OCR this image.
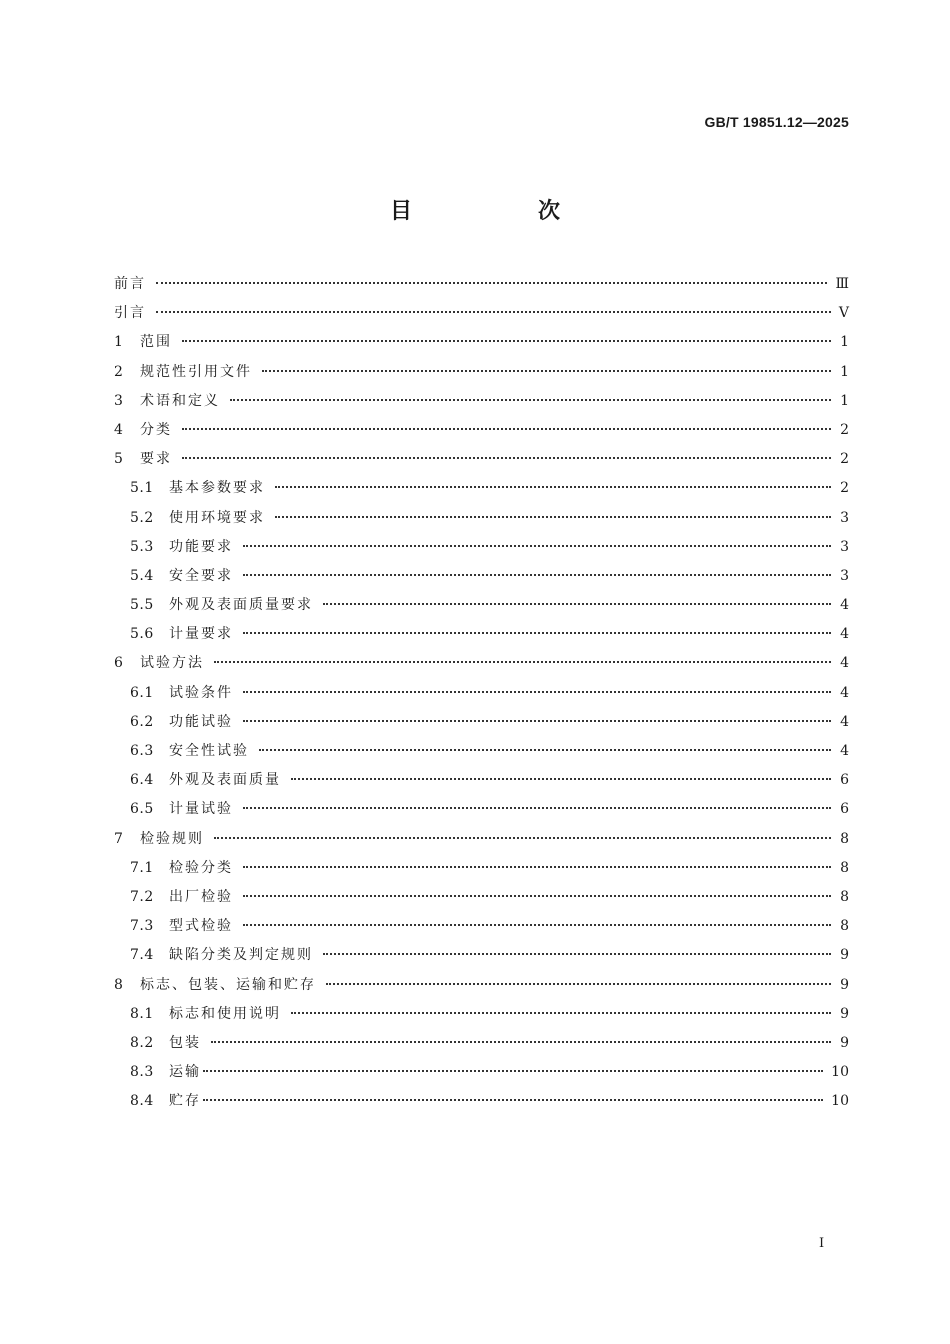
GB/T 19851.12—2025
目　次
前言	Ⅲ
引言	Ⅴ
1	范围	1
2	规范性引用文件	1
3	术语和定义	1
4	分类	2
5	要求	2
5.1	基本参数要求	2
5.2	使用环境要求	3
5.3	功能要求	3
5.4	安全要求	3
5.5	外观及表面质量要求	4
5.6	计量要求	4
6	试验方法	4
6.1	试验条件	4
6.2	功能试验	4
6.3	安全性试验	4
6.4	外观及表面质量	6
6.5	计量试验	6
7	检验规则	8
7.1	检验分类	8
7.2	出厂检验	8
7.3	型式检验	8
7.4	缺陷分类及判定规则	9
8	标志、包装、运输和贮存	9
8.1	标志和使用说明	9
8.2	包装	9
8.3	运输	10
8.4	贮存	10
Ⅰ
